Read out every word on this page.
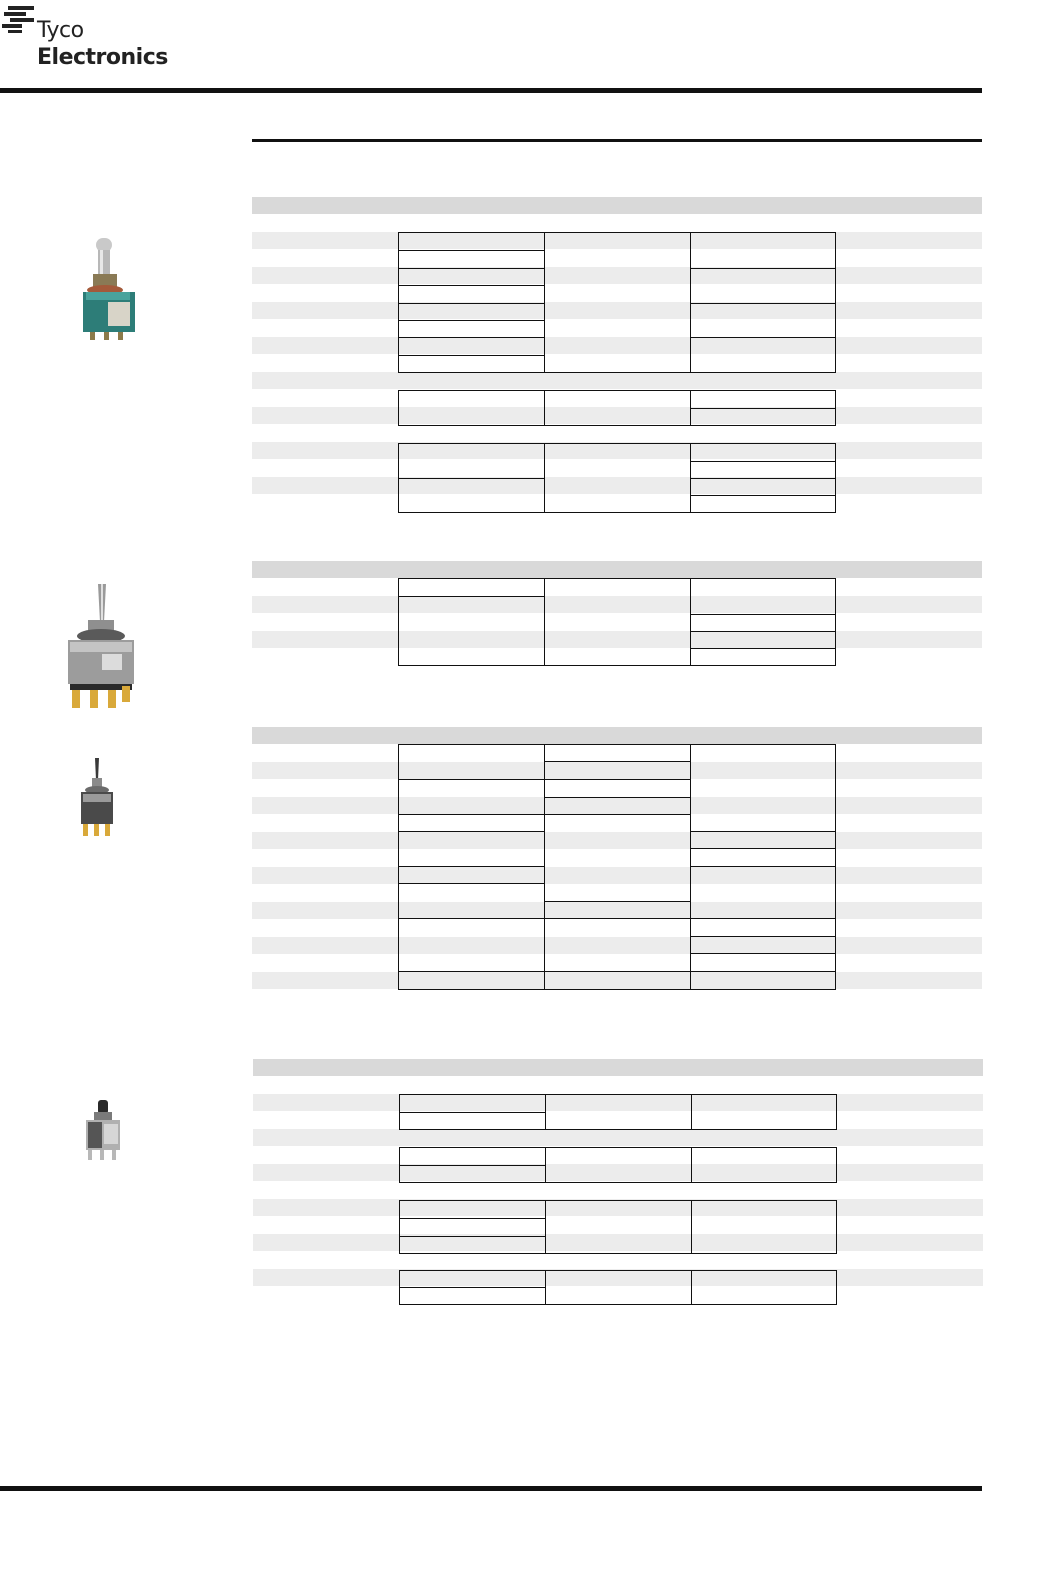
Tyco
Electronics
